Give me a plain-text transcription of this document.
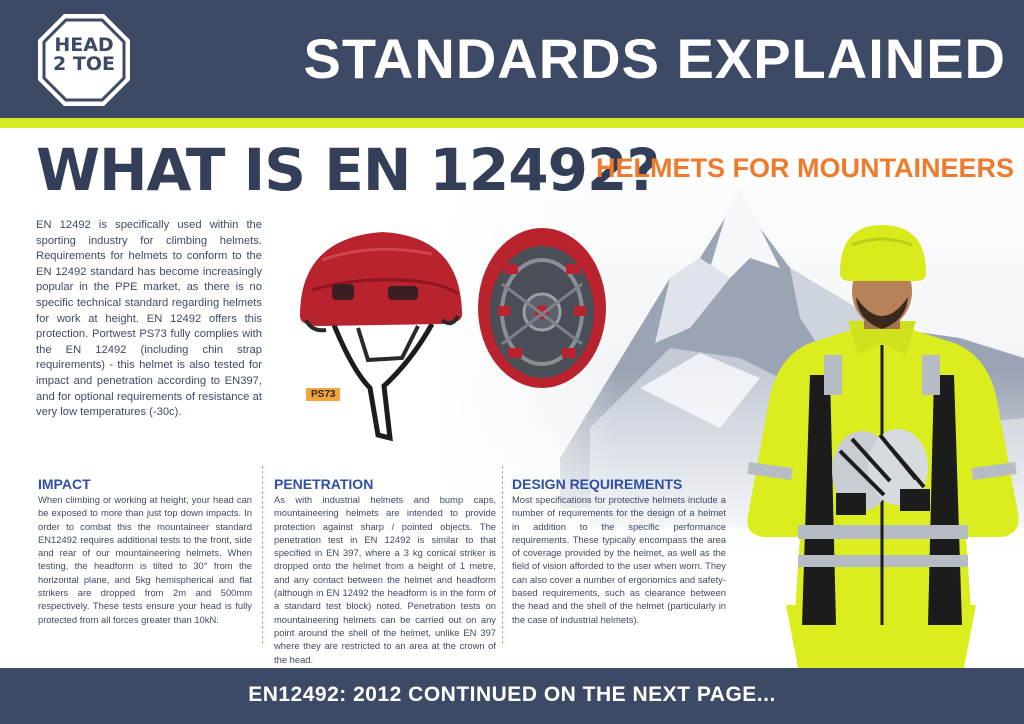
HEAD
2 TOE	STANDARDS EXPLAINED
WHAT IS EN 12492?
HELMETS FOR MOUNTAINEERS
EN 12492 is specifically used within the sporting industry for climbing helmets. Requirements for helmets to conform to the EN 12492 standard has become increasingly popular in the PPE market, as there is no specific technical standard regarding helmets for work at height. EN 12492 offers this protection. Portwest PS73 fully complies with the EN 12492 (including chin strap requirements) - this helmet is also tested for impact and penetration according to EN397, and for optional requirements of resistance at very low temperatures (-30c).
PS73
IMPACT

When climbing or working at height, your head can be exposed to more than just top down impacts. In order to combat this the mountaineer standard EN12492 requires additional tests to the front, side and rear of our mountaineering helmets. When testing, the headform is tilted to 30° from the horizontal plane, and 5kg hemispherical and flat strikers are dropped from 2m and 500mm respectively. These tests ensure your head is fully protected from all forces greater than 10kN.

PENETRATION

As with industrial helmets and bump caps, mountaineering helmets are intended to provide protection against sharp / pointed objects. The penetration test in EN 12492 is similar to that specified in EN 397, where a 3 kg conical striker is dropped onto the helmet from a height of 1 metre, and any contact between the helmet and headform (although in EN 12492 the headform is in the form of a standard test block) noted. Penetration tests on mountaineering helmets can be carried out on any point around the shell of the helmet, unlike EN 397 where they are restricted to an area at the crown of the head.

DESIGN REQUIREMENTS

Most specifications for protective helmets include a number of requirements for the design of a helmet in addition to the specific performance requirements. These typically encompass the area of coverage provided by the helmet, as well as the field of vision afforded to the user when worn. They can also cover a number of ergonomics and safety-based requirements, such as clearance between the head and the shell of the helmet (particularly in the case of industrial helmets).

EN12492: 2012 CONTINUED ON THE NEXT PAGE...
